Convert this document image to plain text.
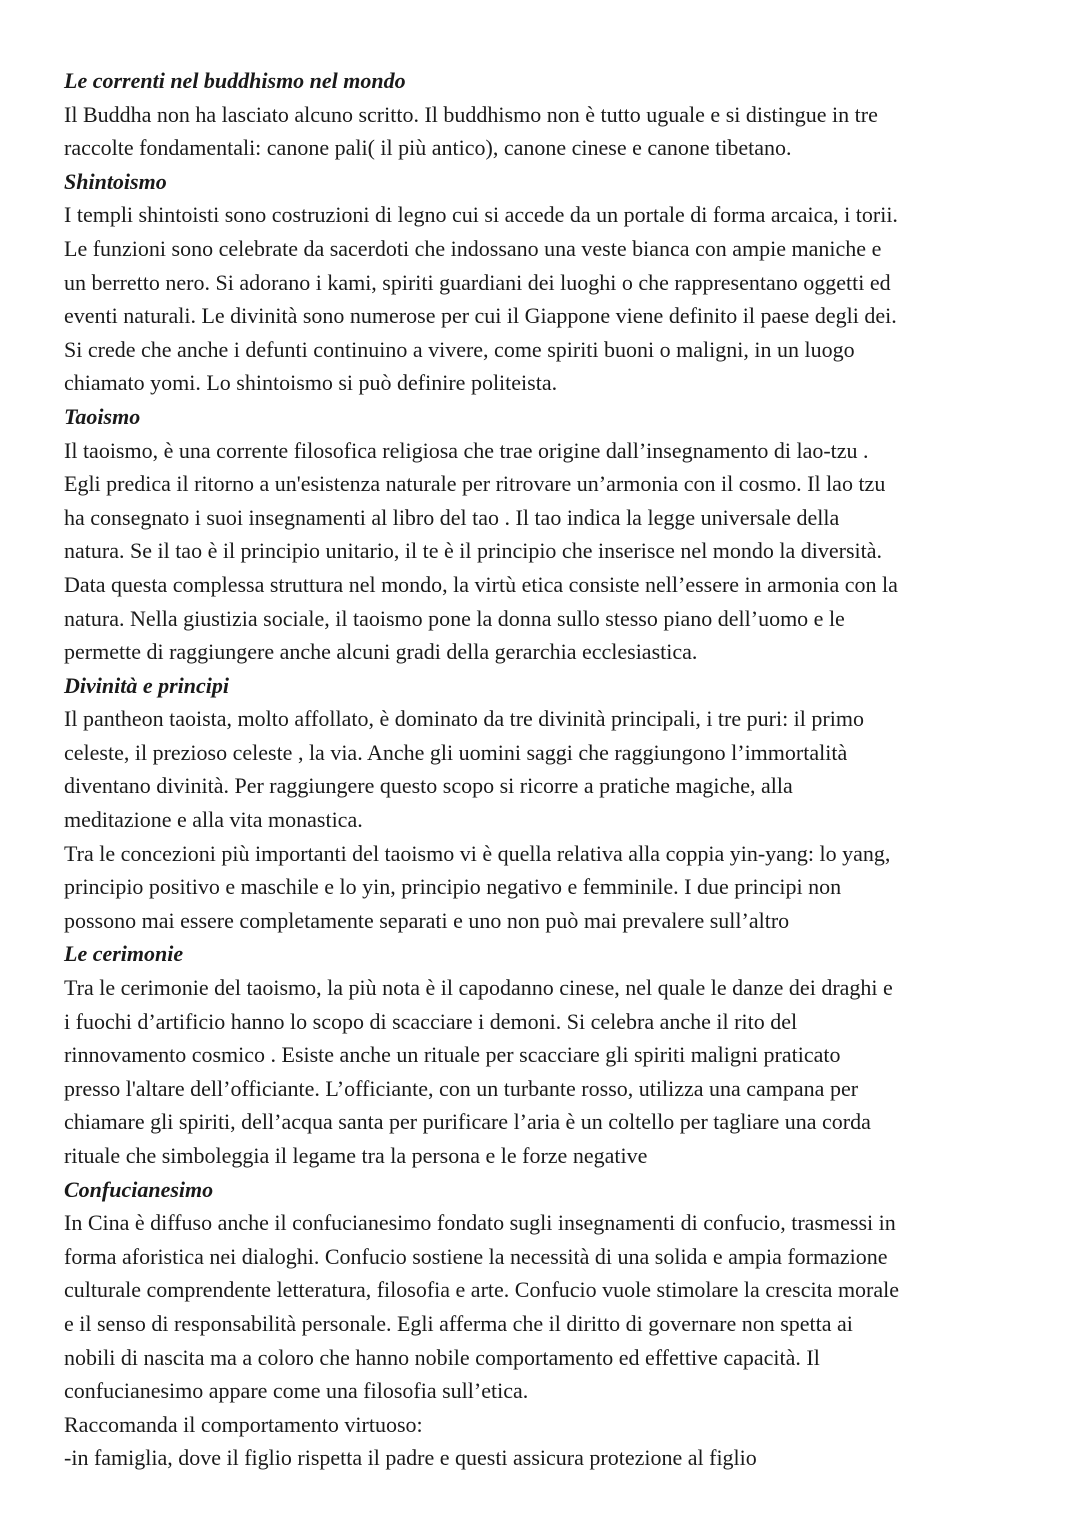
Le correnti nel buddhismo nel mondo
Il Buddha non ha lasciato alcuno scritto. Il buddhismo non è tutto uguale e si distingue in tre
raccolte fondamentali: canone pali( il più antico), canone cinese e canone tibetano.
Shintoismo
I templi shintoisti sono costruzioni di legno cui si accede da un portale di forma arcaica, i torii.
Le funzioni sono celebrate da sacerdoti che indossano una veste bianca con ampie maniche e
un berretto nero. Si adorano i kami, spiriti guardiani dei luoghi o che rappresentano oggetti ed
eventi naturali. Le divinità sono numerose per cui il Giappone viene definito il paese degli dei.
Si crede che anche i defunti continuino a vivere, come spiriti buoni o maligni, in un luogo
chiamato yomi. Lo shintoismo si può definire politeista.
Taoismo
Il taoismo, è una corrente filosofica religiosa che trae origine dall’insegnamento di lao-tzu .
Egli predica il ritorno a un'esistenza naturale per ritrovare un’armonia con il cosmo. Il lao tzu
ha consegnato i suoi insegnamenti al libro del tao . Il tao indica la legge universale della
natura. Se il tao è il principio unitario, il te è il principio che inserisce nel mondo la diversità.
Data questa complessa struttura nel mondo, la virtù etica consiste nell’essere in armonia con la
natura. Nella giustizia sociale, il taoismo pone la donna sullo stesso piano dell’uomo e le
permette di raggiungere anche alcuni gradi della gerarchia ecclesiastica.
Divinità e principi
Il pantheon taoista, molto affollato, è dominato da tre divinità principali, i tre puri: il primo
celeste, il prezioso celeste , la via. Anche gli uomini saggi che raggiungono l’immortalità
diventano divinità. Per raggiungere questo scopo si ricorre a pratiche magiche, alla
meditazione e alla vita monastica.
Tra le concezioni più importanti del taoismo vi è quella relativa alla coppia yin-yang: lo yang,
principio positivo e maschile e lo yin, principio negativo e femminile. I due principi non
possono mai essere completamente separati e uno non può mai prevalere sull’altro
Le cerimonie
Tra le cerimonie del taoismo, la più nota è il capodanno cinese, nel quale le danze dei draghi e
i fuochi d’artificio hanno lo scopo di scacciare i demoni. Si celebra anche il rito del
rinnovamento cosmico . Esiste anche un rituale per scacciare gli spiriti maligni praticato
presso l'altare dell’officiante. L’officiante, con un turbante rosso, utilizza una campana per
chiamare gli spiriti, dell’acqua santa per purificare l’aria è un coltello per tagliare una corda
rituale che simboleggia il legame tra la persona e le forze negative
Confucianesimo
In Cina è diffuso anche il confucianesimo fondato sugli insegnamenti di confucio, trasmessi in
forma aforistica nei dialoghi. Confucio sostiene la necessità di una solida e ampia formazione
culturale comprendente letteratura, filosofia e arte. Confucio vuole stimolare la crescita morale
e il senso di responsabilità personale. Egli afferma che il diritto di governare non spetta ai
nobili di nascita ma a coloro che hanno nobile comportamento ed effettive capacità. Il
confucianesimo appare come una filosofia sull’etica.
Raccomanda il comportamento virtuoso:
-in famiglia, dove il figlio rispetta il padre e questi assicura protezione al figlio
